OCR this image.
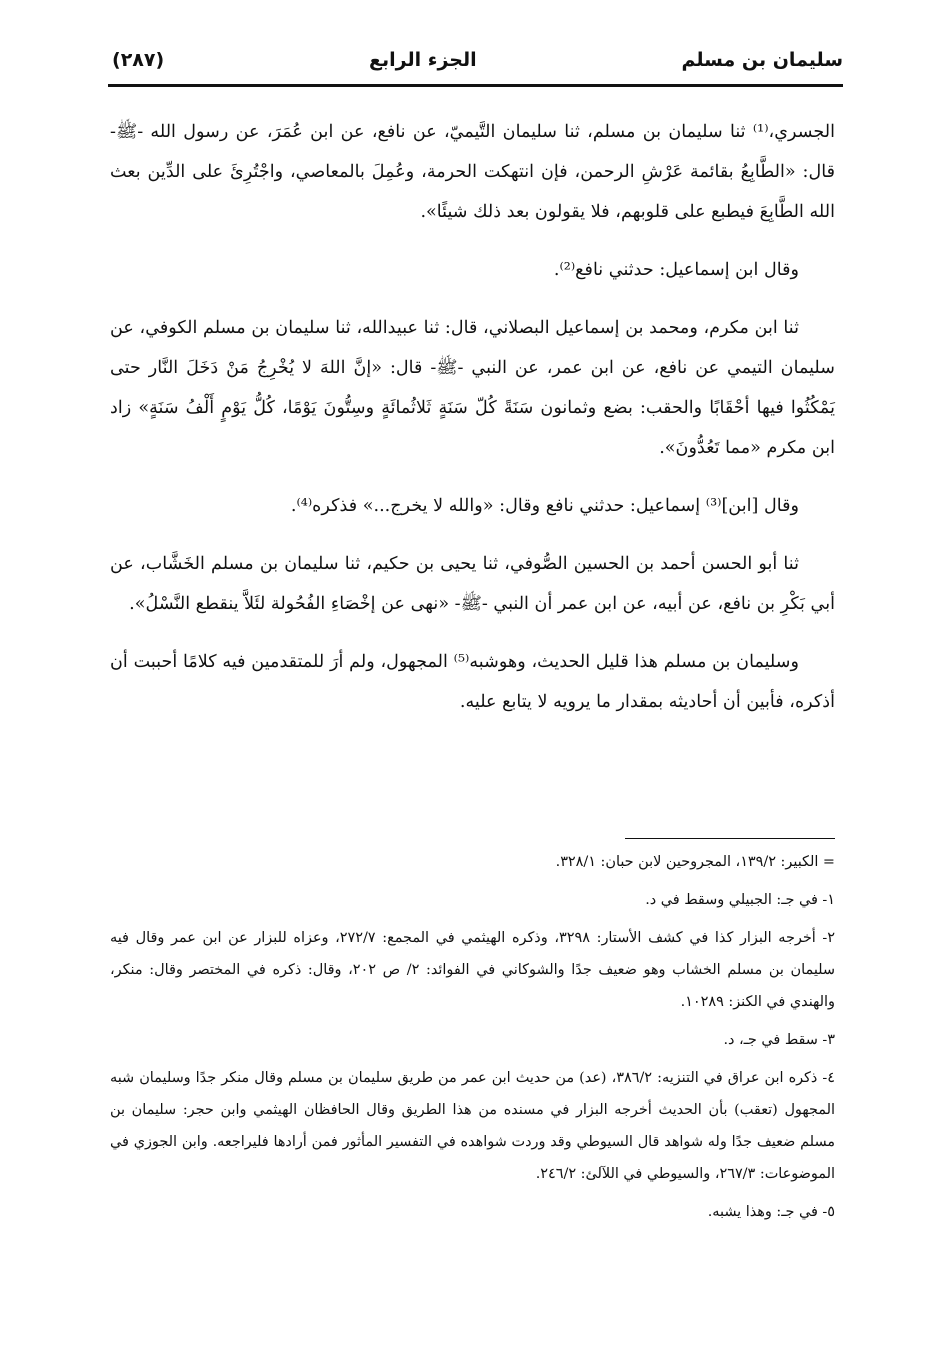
سليمان بن مسلم
الجزء الرابع
(٢٨٧)

الجسري،⁽¹⁾ ثنا سليمان بن مسلم، ثنا سليمان التَّيميّ، عن نافع، عن ابن عُمَرَ، عن رسول الله -ﷺ- قال: «الطَّابِعُ بقائمة عَرْشِ الرحمن، فإن انتهكت الحرمة، وعُمِلَ بالمعاصي، واجْتُرِئَ على الدِّين بعث الله الطَّابِعَ فيطبع على قلوبهم، فلا يقولون بعد ذلك شيئًا».

وقال ابن إسماعيل: حدثني نافع⁽²⁾.

ثنا ابن مكرم، ومحمد بن إسماعيل البصلاني، قال: ثنا عبيدالله، ثنا سليمان بن مسلم الكوفي، عن سليمان التيمي عن نافع، عن ابن عمر، عن النبي -ﷺ- قال: «إنَّ اللهَ لا يُخْرِجُ مَنْ دَخَلَ النَّار حتى يَمْكُثُوا فيها أحْقَابًا والحقب: بضع وثمانون سَنَةً كُلّ سَنَةٍ ثَلاثُمائَةٍ وسِتُّونَ يَوْمًا، كُلُّ يَوْمٍ أَلْفُ سَنَةٍ» زاد ابن مكرم «مما تَعُدُّونَ».

وقال [ابن]⁽³⁾ إسماعيل: حدثني نافع وقال: «والله لا يخرج...» فذكره⁽⁴⁾.

ثنا أبو الحسن أحمد بن الحسين الصُّوفي، ثنا يحيى بن حكيم، ثنا سليمان بن مسلم الخَشَّاب، عن أبي بَكْرِ بن نافع، عن أبيه، عن ابن عمر أن النبي -ﷺ- «نهى عن إخْصَاءِ الفُحُولة لئَلاَّ ينقطع النَّسْلُ».

وسليمان بن مسلم هذا قليل الحديث، وهوشبه⁽⁵⁾ المجهول، ولم أرَ للمتقدمين فيه كلامًا أحببت أن أذكره، فأبين أن أحاديثه بمقدار ما يرويه لا يتابع عليه.

= الكبير: ١٣٩/٢، المجروحين لابن حبان: ٣٢٨/١.

١- في جـ: الجبيلي وسقط في د.

٢- أخرجه البزار كذا في كشف الأستار: ٣٢٩٨، وذكره الهيثمي في المجمع: ٢٧٢/٧، وعزاه للبزار عن ابن عمر وقال فيه سليمان بن مسلم الخشاب وهو ضعيف جدًا والشوكاني في الفوائد: ٢/ ص ٢٠٢، وقال: ذكره في المختصر وقال: منكر، والهندي في الكنز: ١٠٢٨٩.

٣- سقط في جـ، د.

٤- ذكره ابن عراق في التنزيه: ٣٨٦/٢، (عد) من حديث ابن عمر من طريق سليمان بن مسلم وقال منكر جدًا وسليمان شبه المجهول (تعقب) بأن الحديث أخرجه البزار في مسنده من هذا الطريق وقال الحافظان الهيثمي وابن حجر: سليمان بن مسلم ضعيف جدًا وله شواهد قال السيوطي وقد وردت شواهده في التفسير المأثور فمن أرادها فليراجعه. وابن الجوزي في الموضوعات: ٢٦٧/٣، والسيوطي في اللآلئ: ٢٤٦/٢.

٥- في جـ: وهذا يشبه.
